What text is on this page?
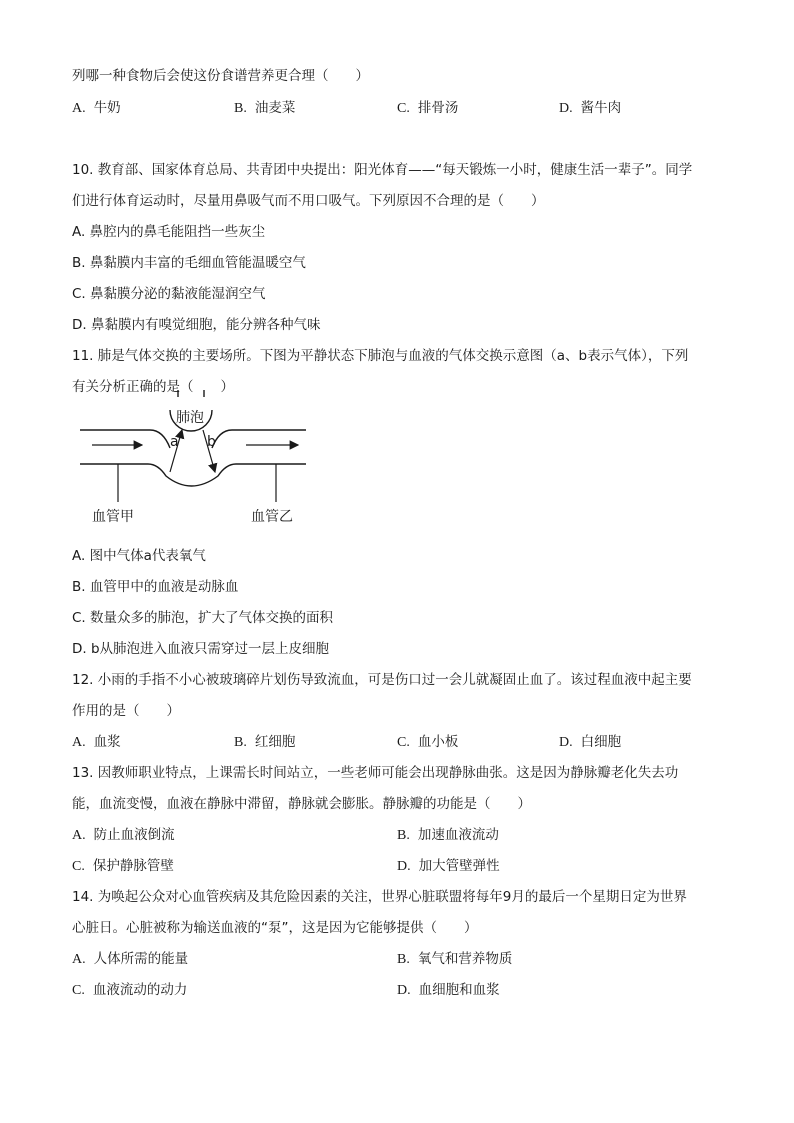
列哪一种食物后会使这份食谱营养更合理（　　）
A. 牛奶	B. 油麦菜	C. 排骨汤	D. 酱牛肉
10. 教育部、国家体育总局、共青团中央提出：阳光体育——“每天锻炼一小时，健康生活一辈子”。同学
们进行体育运动时，尽量用鼻吸气而不用口吸气。下列原因不合理的是（　　）
A. 鼻腔内的鼻毛能阻挡一些灰尘
B. 鼻黏膜内丰富的毛细血管能温暖空气
C. 鼻黏膜分泌的黏液能湿润空气
D. 鼻黏膜内有嗅觉细胞，能分辨各种气味
11. 肺是气体交换的主要场所。下图为平静状态下肺泡与血液的气体交换示意图（a、b表示气体），下列
有关分析正确的是（　　）
肺泡
a b
血管甲	血管乙
A. 图中气体a代表氧气
B. 血管甲中的血液是动脉血
C. 数量众多的肺泡，扩大了气体交换的面积
D. b从肺泡进入血液只需穿过一层上皮细胞
12. 小雨的手指不小心被玻璃碎片划伤导致流血，可是伤口过一会儿就凝固止血了。该过程血液中起主要
作用的是（　　）
A. 血浆	B. 红细胞	C. 血小板	D. 白细胞
13. 因教师职业特点，上课需长时间站立，一些老师可能会出现静脉曲张。这是因为静脉瓣老化失去功
能，血流变慢，血液在静脉中滞留，静脉就会膨胀。静脉瓣的功能是（　　）
A. 防止血液倒流	B. 加速血液流动
C. 保护静脉管壁	D. 加大管壁弹性
14. 为唤起公众对心血管疾病及其危险因素的关注，世界心脏联盟将每年9月的最后一个星期日定为世界
心脏日。心脏被称为输送血液的“泵”，这是因为它能够提供（　　）
A. 人体所需的能量	B. 氧气和营养物质
C. 血液流动的动力	D. 血细胞和血浆
